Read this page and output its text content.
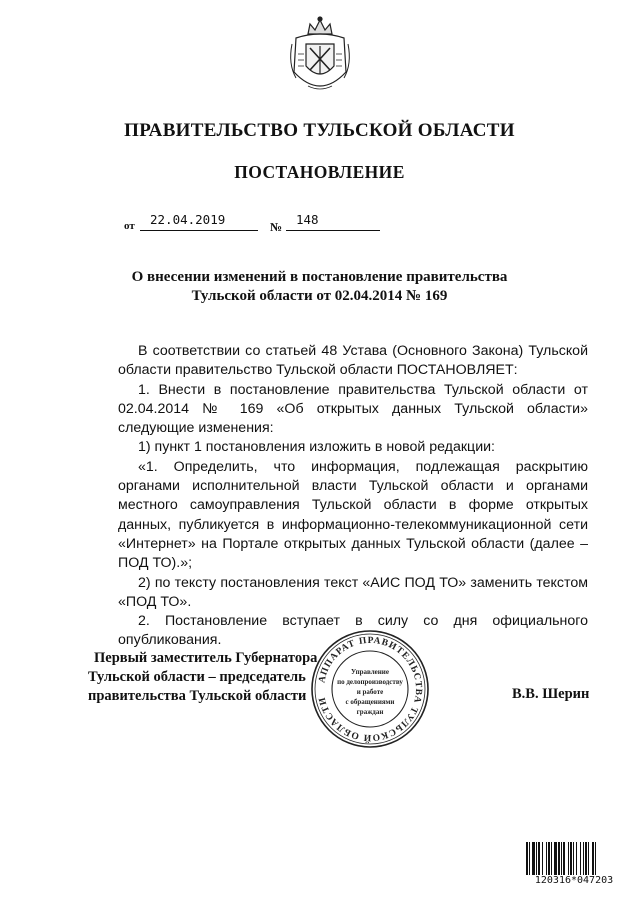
ПРАВИТЕЛЬСТВО ТУЛЬСКОЙ ОБЛАСТИ
ПОСТАНОВЛЕНИЕ
от 22.04.2019	№ 148
О внесении изменений в постановление правительства
Тульской области от 02.04.2014 № 169

В соответствии со статьей 48 Устава (Основного Закона) Тульской области правительство Тульской области ПОСТАНОВЛЯЕТ:

1. Внести в постановление правительства Тульской области от 02.04.2014 № 169 «Об открытых данных Тульской области» следующие изменения:

1) пункт 1 постановления изложить в новой редакции:

«1. Определить, что информация, подлежащая раскрытию органами исполнительной власти Тульской области и органами местного самоуправления Тульской области в форме открытых данных, публикуется в информационно-телекоммуникационной сети «Интернет» на Портале открытых данных Тульской области (далее – ПОД ТО).»;

2) по тексту постановления текст «АИС ПОД ТО» заменить текстом «ПОД ТО».

2. Постановление вступает в силу со дня официального опубликования.

Первый заместитель Губернатора
Тульской области – председатель
правительства Тульской области
АППАРАТ ПРАВИТЕЛЬСТВА ТУЛЬСКОЙ ОБЛАСТИ
Управление
по делопроизводству
и работе
с обращениями
граждан
В.В. Шерин
120316*047203
